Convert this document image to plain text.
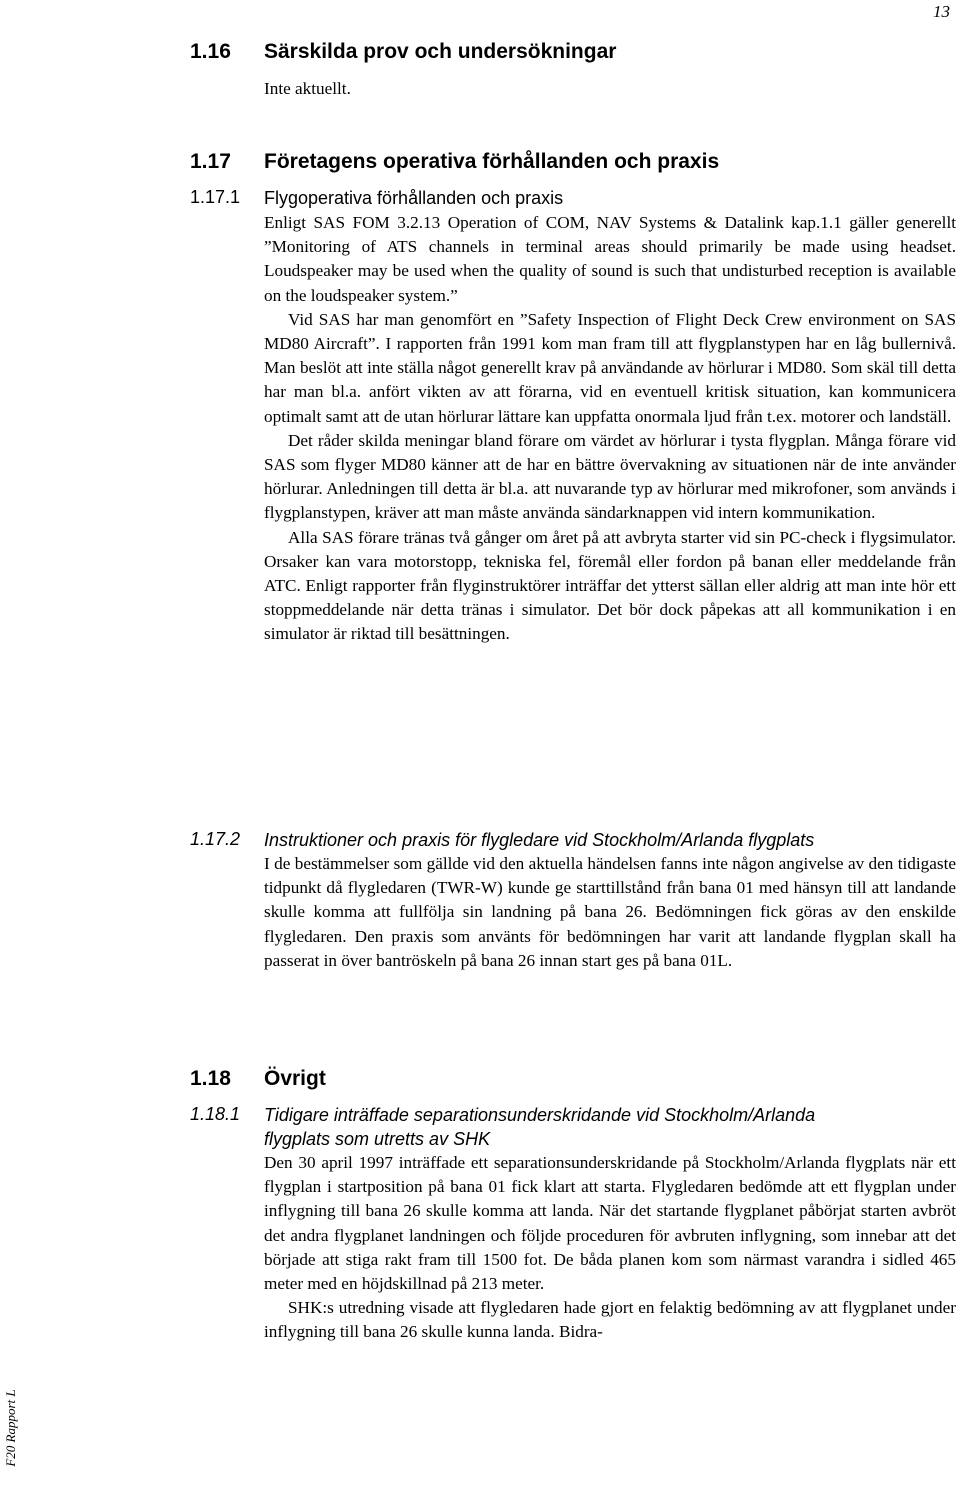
13
F20 Rapport L
1.16 Särskilda prov och undersökningar

Inte aktuellt.

1.17 Företagens operativa förhållanden och praxis
1.17.1 Flygoperativa förhållanden och praxis

Enligt SAS FOM 3.2.13 Operation of COM, NAV Systems & Datalink kap.1.1 gäller generellt ”Monitoring of ATS channels in terminal areas should primarily be made using headset. Loudspeaker may be used when the quality of sound is such that undisturbed reception is available on the loudspeaker system.”

Vid SAS har man genomfört en ”Safety Inspection of Flight Deck Crew environment on SAS MD80 Aircraft”. I rapporten från 1991 kom man fram till att flygplanstypen har en låg bullernivå. Man beslöt att inte ställa något generellt krav på användande av hörlurar i MD80. Som skäl till detta har man bl.a. anfört vikten av att förarna, vid en eventuell kritisk situation, kan kommunicera optimalt samt att de utan hörlurar lättare kan uppfatta onormala ljud från t.ex. motorer och landställ.

Det råder skilda meningar bland förare om värdet av hörlurar i tysta flygplan. Många förare vid SAS som flyger MD80 känner att de har en bättre övervakning av situationen när de inte använder hörlurar. Anledningen till detta är bl.a. att nuvarande typ av hörlurar med mikrofoner, som används i flygplanstypen, kräver att man måste använda sändarknappen vid intern kommunikation.

Alla SAS förare tränas två gånger om året på att avbryta starter vid sin PC-check i flygsimulator. Orsaker kan vara motorstopp, tekniska fel, föremål eller fordon på banan eller meddelande från ATC. Enligt rapporter från flyginstruktörer inträffar det ytterst sällan eller aldrig att man inte hör ett stoppmeddelande när detta tränas i simulator. Det bör dock påpekas att all kommunikation i en simulator är riktad till besättningen.

1.17.2 Instruktioner och praxis för flygledare vid Stockholm/Arlanda flygplats

I de bestämmelser som gällde vid den aktuella händelsen fanns inte någon angivelse av den tidigaste tidpunkt då flygledaren (TWR-W) kunde ge starttillstånd från bana 01 med hänsyn till att landande skulle komma att fullfölja sin landning på bana 26. Bedömningen fick göras av den enskilde flygledaren. Den praxis som använts för bedömningen har varit att landande flygplan skall ha passerat in över bantröskeln på bana 26 innan start ges på bana 01L.

1.18 Övrigt
1.18.1 Tidigare inträffade separationsunderskridande vid Stockholm/Arlanda
flygplats som utretts av SHK

Den 30 april 1997 inträffade ett separationsunderskridande på Stockholm/Arlanda flygplats när ett flygplan i startposition på bana 01 fick klart att starta. Flygledaren bedömde att ett flygplan under inflygning till bana 26 skulle komma att landa. När det startande flygplanet påbörjat starten avbröt det andra flygplanet landningen och följde proceduren för avbruten inflygning, som innebar att det började att stiga rakt fram till 1500 fot. De båda planen kom som närmast varandra i sidled 465 meter med en höjdskillnad på 213 meter.

SHK:s utredning visade att flygledaren hade gjort en felaktig bedömning av att flygplanet under inflygning till bana 26 skulle kunna landa. Bidra-
